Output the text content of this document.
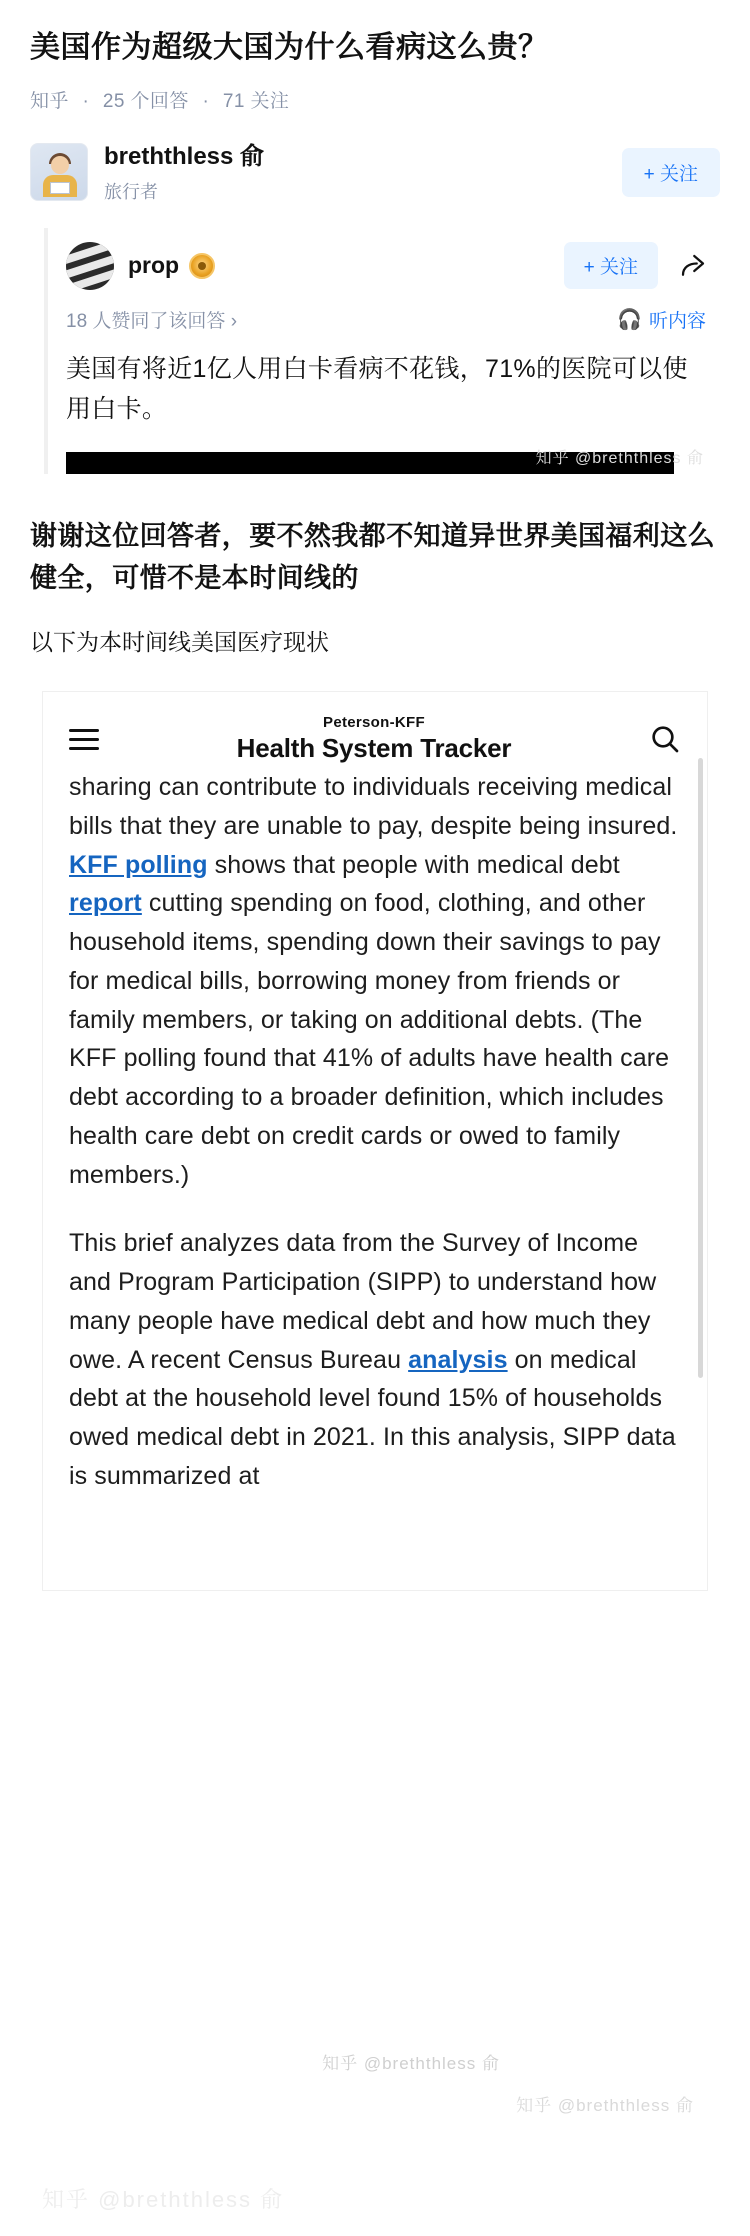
美国作为超级大国为什么看病这么贵？
知乎 · 25 个回答 · 71 关注
breththless 俞
旅行者
+ 关注
prop	+ 关注
18 人赞同了该回答 ›	🎧 听内容
美国有将近1亿人用白卡看病不花钱，71%的医院可以使用白卡。
知乎 @breththless 俞
谢谢这位回答者，要不然我都不知道异世界美国福利这么健全，可惜不是本时间线的
以下为本时间线美国医疗现状
Peterson-KFF
Health System Tracker

sharing can contribute to individuals receiving medical bills that they are unable to pay, despite being insured. KFF polling shows that people with medical debt report cutting spending on food, clothing, and other household items, spending down their savings to pay for medical bills, borrowing money from friends or family members, or taking on additional debts. (The KFF polling found that 41% of adults have health care debt according to a broader definition, which includes health care debt on credit cards or owed to family members.)

This brief analyzes data from the Survey of Income and Program Participation (SIPP) to understand how many people have medical debt and how much they owe. A recent Census Bureau analysis on medical debt at the household level found 15% of households owed medical debt in 2021. In this analysis, SIPP data is summarized at

知乎 @breththless 俞
知乎 @breththless 俞
知乎 @breththless 俞
